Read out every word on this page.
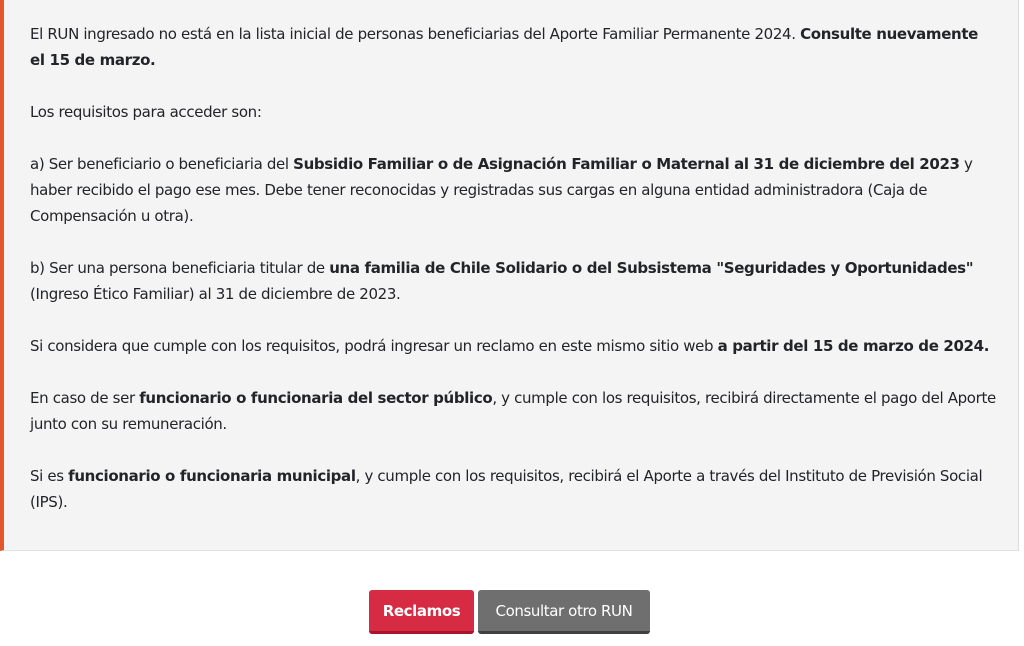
El RUN ingresado no está en la lista inicial de personas beneficiarias del Aporte Familiar Permanente 2024. Consulte nuevamente el 15 de marzo.

Los requisitos para acceder son:

a) Ser beneficiario o beneficiaria del Subsidio Familiar o de Asignación Familiar o Maternal al 31 de diciembre del 2023 y haber recibido el pago ese mes. Debe tener reconocidas y registradas sus cargas en alguna entidad administradora (Caja de Compensación u otra).

b) Ser una persona beneficiaria titular de una familia de Chile Solidario o del Subsistema "Seguridades y Oportunidades" (Ingreso Ético Familiar) al 31 de diciembre de 2023.

Si considera que cumple con los requisitos, podrá ingresar un reclamo en este mismo sitio web a partir del 15 de marzo de 2024.

En caso de ser funcionario o funcionaria del sector público, y cumple con los requisitos, recibirá directamente el pago del Aporte junto con su remuneración.

Si es funcionario o funcionaria municipal, y cumple con los requisitos, recibirá el Aporte a través del Instituto de Previsión Social (IPS).

Reclamos	Consultar otro RUN
